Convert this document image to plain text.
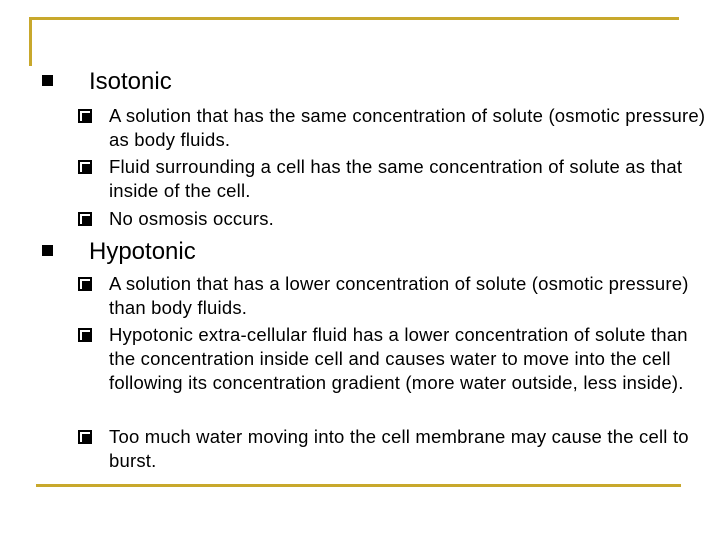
Isotonic
A solution that has the same concentration of solute (osmotic pressure) as body fluids.
Fluid surrounding a cell has the same concentration of solute as that inside of the cell.
No osmosis occurs.
Hypotonic
A solution that has a lower concentration of solute (osmotic pressure) than body fluids.
Hypotonic extra-cellular fluid has a lower concentration of solute than the concentration inside cell and causes water to move into the cell following its concentration gradient (more water outside, less inside).
Too much water moving into the cell membrane may cause the cell to burst.
